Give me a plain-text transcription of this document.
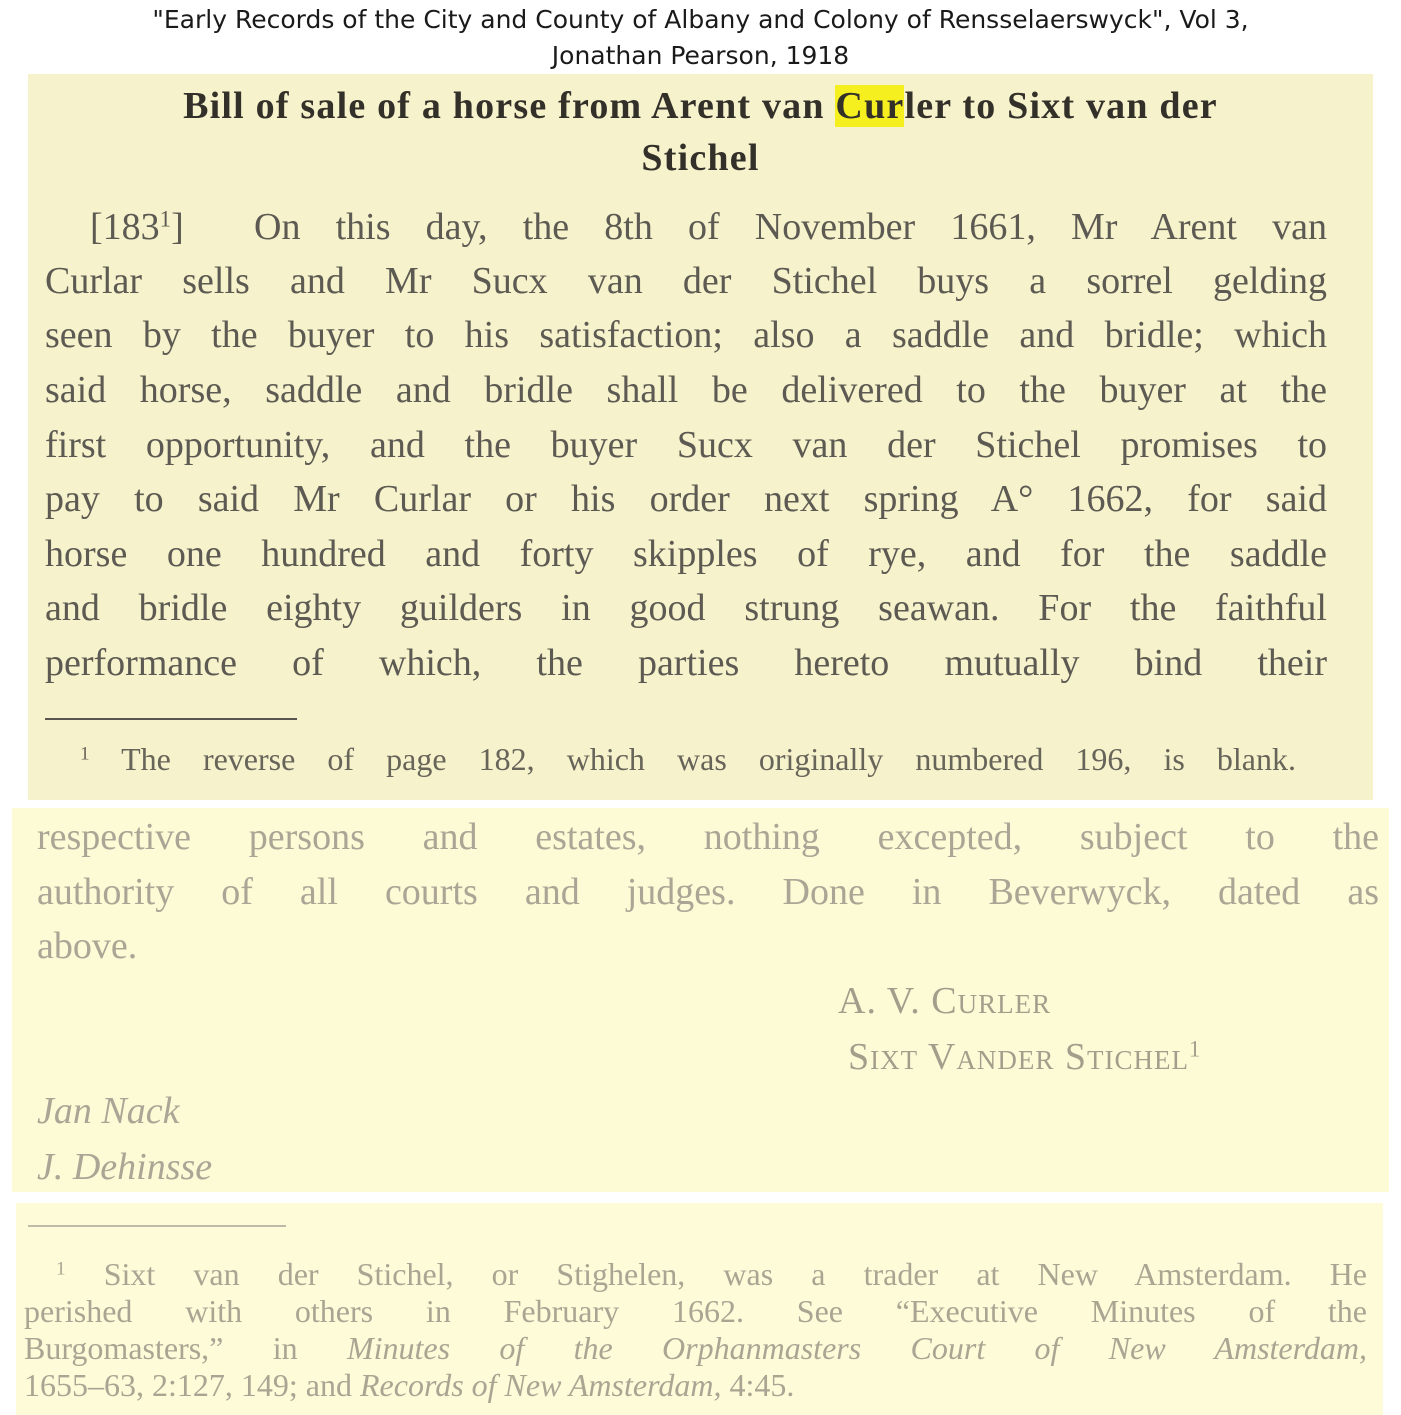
"Early Records of the City and County of Albany and Colony of Rensselaerswyck", Vol 3,
Jonathan Pearson, 1918
Bill of sale of a horse from Arent van Curler to Sixt van der
Stichel
$[183^1]$ On this day, the 8th of November 1661, Mr Arent van
Curlar sells and Mr Sucx van der Stichel buys a sorrel gelding
seen by the buyer to his satisfaction; also a saddle and bridle; which
said horse, saddle and bridle shall be delivered to the buyer at the
first opportunity, and the buyer Sucx van der Stichel promises to
pay to said Mr Curlar or his order next spring A° 1662, for said
horse one hundred and forty skipples of rye, and for the saddle
and bridle eighty guilders in good strung seawan. For the faithful
performance of which, the parties hereto mutually bind their
$^1$ The reverse of page 182, which was originally numbered 196, is blank.
respective persons and estates, nothing excepted, subject to the
authority of all courts and judges. Done in Beverwyck, dated as
above.
A. V. Curler
Sixt Vander Stichel$^1$
Jan Nack
J. Dehinsse
$^1$ Sixt van der Stichel, or Stighelen, was a trader at New Amsterdam. He
perished with others in February 1662. See “Executive Minutes of the
Burgomasters,” in Minutes of the Orphanmasters Court of New Amsterdam,
1655–63, 2:127, 149; and Records of New Amsterdam, 4:45.
